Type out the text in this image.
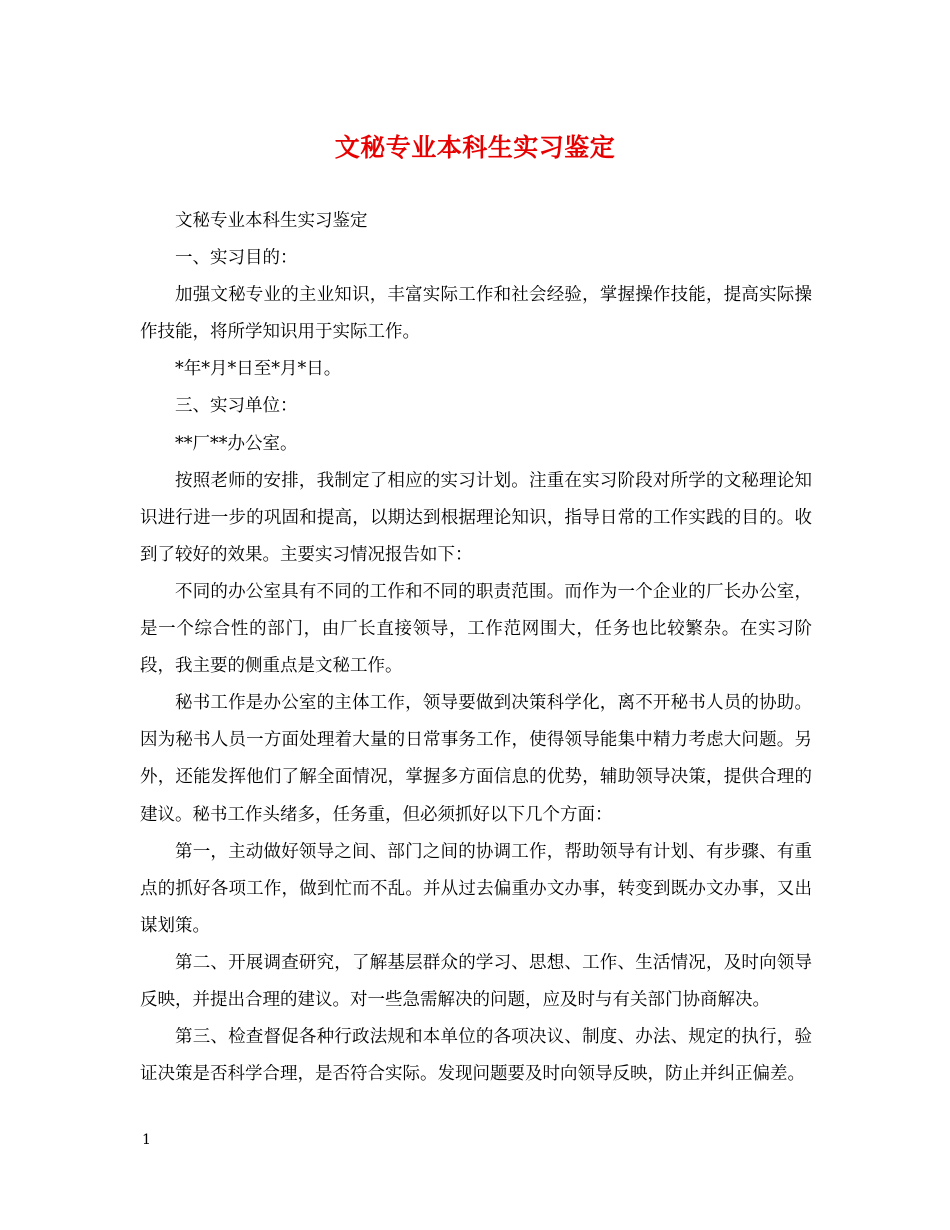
文秘专业本科生实习鉴定

文秘专业本科生实习鉴定

一、实习目的：

加强文秘专业的主业知识，丰富实际工作和社会经验，掌握操作技能，提高实际操作技能，将所学知识用于实际工作。

*年*月*日至*月*日。

三、实习单位：

**厂**办公室。

按照老师的安排，我制定了相应的实习计划。注重在实习阶段对所学的文秘理论知识进行进一步的巩固和提高，以期达到根据理论知识，指导日常的工作实践的目的。收到了较好的效果。主要实习情况报告如下：

不同的办公室具有不同的工作和不同的职责范围。而作为一个企业的厂长办公室，是一个综合性的部门，由厂长直接领导，工作范网围大，任务也比较繁杂。在实习阶段，我主要的侧重点是文秘工作。

秘书工作是办公室的主体工作，领导要做到决策科学化，离不开秘书人员的协助。因为秘书人员一方面处理着大量的日常事务工作，使得领导能集中精力考虑大问题。另外，还能发挥他们了解全面情况，掌握多方面信息的优势，辅助领导决策，提供合理的建议。秘书工作头绪多，任务重，但必须抓好以下几个方面：

第一，主动做好领导之间、部门之间的协调工作，帮助领导有计划、有步骤、有重点的抓好各项工作，做到忙而不乱。并从过去偏重办文办事，转变到既办文办事，又出谋划策。

第二、开展调查研究，了解基层群众的学习、思想、工作、生活情况，及时向领导反映，并提出合理的建议。对一些急需解决的问题，应及时与有关部门协商解决。

第三、检查督促各种行政法规和本单位的各项决议、制度、办法、规定的执行，验证决策是否科学合理，是否符合实际。发现问题要及时向领导反映，防止并纠正偏差。

1
